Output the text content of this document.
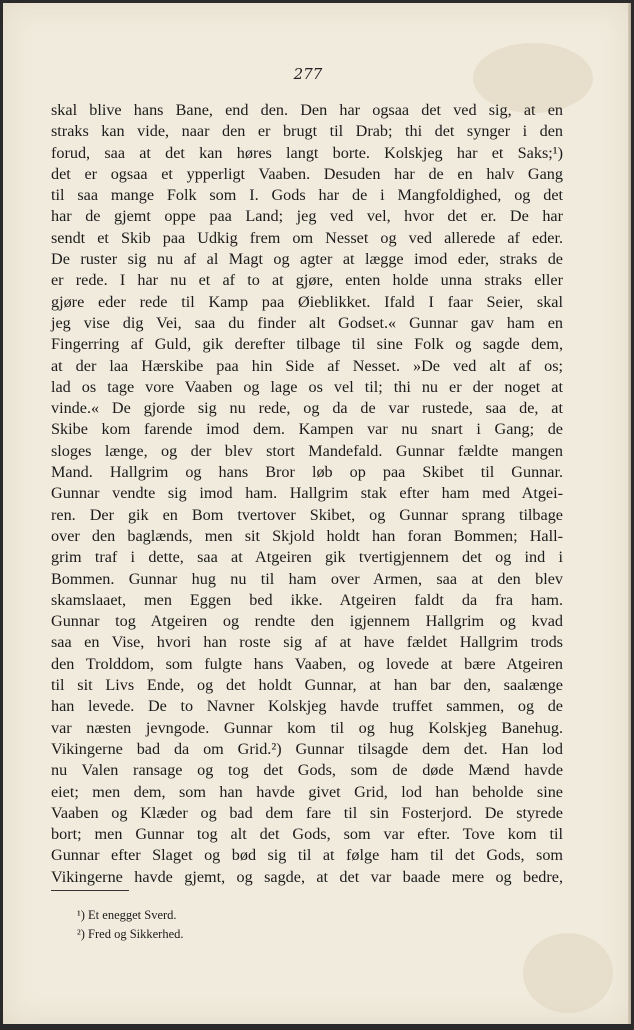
277
skal blive hans Bane, end den. Den har ogsaa det ved sig, at en
straks kan vide, naar den er brugt til Drab; thi det synger i den
forud, saa at det kan høres langt borte. Kolskjeg har et Saks;¹)
det er ogsaa et ypperligt Vaaben. Desuden har de en halv Gang
til saa mange Folk som I. Gods har de i Mangfoldighed, og det
har de gjemt oppe paa Land; jeg ved vel, hvor det er. De har
sendt et Skib paa Udkig frem om Nesset og ved allerede af eder.
De ruster sig nu af al Magt og agter at lægge imod eder, straks de
er rede. I har nu et af to at gjøre, enten holde unna straks eller
gjøre eder rede til Kamp paa Øieblikket. Ifald I faar Seier, skal
jeg vise dig Vei, saa du finder alt Godset.« Gunnar gav ham en
Fingerring af Guld, gik derefter tilbage til sine Folk og sagde dem,
at der laa Hærskibe paa hin Side af Nesset. »De ved alt af os;
lad os tage vore Vaaben og lage os vel til; thi nu er der noget at
vinde.« De gjorde sig nu rede, og da de var rustede, saa de, at
Skibe kom farende imod dem. Kampen var nu snart i Gang; de
sloges længe, og der blev stort Mandefald. Gunnar fældte mangen
Mand. Hallgrim og hans Bror løb op paa Skibet til Gunnar.
Gunnar vendte sig imod ham. Hallgrim stak efter ham med Atgei-
ren. Der gik en Bom tvertover Skibet, og Gunnar sprang tilbage
over den baglænds, men sit Skjold holdt han foran Bommen; Hall-
grim traf i dette, saa at Atgeiren gik tvertigjennem det og ind i
Bommen. Gunnar hug nu til ham over Armen, saa at den blev
skamslaaet, men Eggen bed ikke. Atgeiren faldt da fra ham.
Gunnar tog Atgeiren og rendte den igjennem Hallgrim og kvad
saa en Vise, hvori han roste sig af at have fældet Hallgrim trods
den Trolddom, som fulgte hans Vaaben, og lovede at bære Atgeiren
til sit Livs Ende, og det holdt Gunnar, at han bar den, saalænge
han levede. De to Navner Kolskjeg havde truffet sammen, og de
var næsten jevngode. Gunnar kom til og hug Kolskjeg Banehug.
Vikingerne bad da om Grid.²) Gunnar tilsagde dem det. Han lod
nu Valen ransage og tog det Gods, som de døde Mænd havde
eiet; men dem, som han havde givet Grid, lod han beholde sine
Vaaben og Klæder og bad dem fare til sin Fosterjord. De styrede
bort; men Gunnar tog alt det Gods, som var efter. Tove kom til
Gunnar efter Slaget og bød sig til at følge ham til det Gods, som
Vikingerne havde gjemt, og sagde, at det var baade mere og bedre,
¹) Et enegget Sverd.
²) Fred og Sikkerhed.
